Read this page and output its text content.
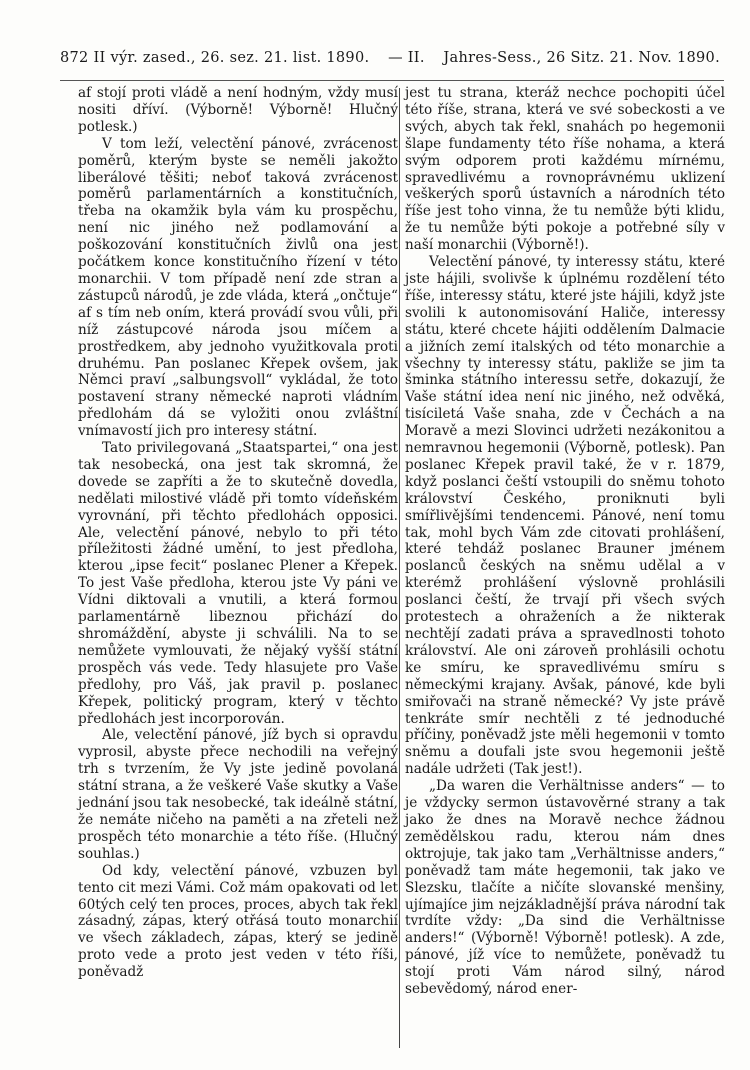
872 II výr. zased., 26. sez. 21. list. 1890. — II. Jahres-Sess., 26 Sitz. 21. Nov. 1890.

af stojí proti vládě a není hodným, vždy musí nositi dříví. (Výborně! Výborně! Hlučný potlesk.)

V tom leží, velectění pánové, zvrácenost poměrů, kterým byste se neměli jakožto liberálové těšiti; neboť taková zvrácenost poměrů parlamentárních a konstitučních, třeba na okamžik byla vám ku prospěchu, není nic jiného než podlamování a poškozování konstitučních živlů ona jest počátkem konce konstitučního řízení v této monarchii. V tom případě není zde stran a zástupců národů, je zde vláda, která „ončtuje“ af s tím neb oním, která provádí svou vůli, při níž zástupcové národa jsou míčem a prostředkem, aby jednoho využitkovala proti druhému. Pan poslanec Křepek ovšem, jak Němci praví „salbungsvoll“ vykládal, že toto postavení strany německé naproti vládním předlohám dá se vyložiti onou zvláštní vnímavostí jich pro interesy státní.

Tato privilegovaná „Staatspartei,“ ona jest tak nesobecká, ona jest tak skromná, že dovede se zapříti a že to skutečně dovedla, nedělati milostivé vládě při tomto vídeňském vyrovnání, při těchto předlohách opposici. Ale, velectění pánové, nebylo to při této příležitosti žádné umění, to jest předloha, kterou „ipse fecit“ poslanec Plener a Křepek. To jest Vaše předloha, kterou jste Vy páni ve Vídni diktovali a vnutili, a která formou parlamentárně libeznou přichází do shromáždění, abyste ji schválili. Na to se nemůžete vymlouvati, že nějaký vyšší státní prospěch vás vede. Tedy hlasujete pro Vaše předlohy, pro Váš, jak pravil p. poslanec Křepek, politický program, který v těchto předlohách jest incorporován.

Ale, velectění pánové, jíž bych si opravdu vyprosil, abyste přece nechodili na veřejný trh s tvrzením, že Vy jste jedině povolaná státní strana, a že veškeré Vaše skutky a Vaše jednání jsou tak nesobecké, tak ideálně státní, že nemáte ničeho na paměti a na zřeteli než prospěch této monarchie a této říše. (Hlučný souhlas.)

Od kdy, velectění pánové, vzbuzen byl tento cit mezi Vámi. Což mám opakovati od let 60tých celý ten proces, proces, abych tak řekl zásadný, zápas, který otřásá touto monarchií ve všech základech, zápas, který se jedině proto vede a proto jest veden v této říši, poněvadž

jest tu strana, kteráž nechce pochopiti účel této říše, strana, která ve své sobeckosti a ve svých, abych tak řekl, snahách po hegemonii šlape fundamenty této říše nohama, a která svým odporem proti každému mírnému, spravedlivému a rovnoprávnému uklizení veškerých sporů ústavních a národních této říše jest toho vinna, že tu nemůže býti klidu, že tu nemůže býti pokoje a potřebné síly v naší monarchii (Výborně!).

Velectění pánové, ty interessy státu, které jste hájili, svolivše k úplnému rozdělení této říše, interessy státu, které jste hájili, když jste svolili k autonomisování Haliče, interessy státu, které chcete hájiti oddělením Dalmacie a jižních zemí italských od této monarchie a všechny ty interessy státu, pakliže se jim ta šminka státního interessu setře, dokazují, že Vaše státní idea není nic jiného, než odvěká, tisíciletá Vaše snaha, zde v Čechách a na Moravě a mezi Slovinci udržeti nezákonitou a nemravnou hegemonii (Výborně, potlesk). Pan poslanec Křepek pravil také, že v r. 1879, když poslanci čeští vstoupili do sněmu tohoto království Českého, proniknuti byli smířlivějšími tendencemi. Pánové, není tomu tak, mohl bych Vám zde citovati prohlášení, které tehdáž poslanec Brauner jménem poslanců českých na sněmu udělal a v kterémž prohlášení výslovně prohlásili poslanci čeští, že trvají při všech svých protestech a ohraženích a že nikterak nechtějí zadati práva a spravedlnosti tohoto království. Ale oni zároveň prohlásili ochotu ke smíru, ke spravedlivému smíru s německými krajany. Avšak, pánové, kde byli smiřovači na straně německé? Vy jste právě tenkráte smír nechtěli z té jednoduché příčiny, poněvadž jste měli hegemonii v tomto sněmu a doufali jste svou hegemonii ještě nadále udržeti (Tak jest!).

„Da waren die Verhältnisse anders“ — to je vždycky sermon ústavověrné strany a tak jako že dnes na Moravě nechce žádnou zemědělskou radu, kterou nám dnes oktrojuje, tak jako tam „Verhältnisse anders,“ poněvadž tam máte hegemonii, tak jako ve Slezsku, tlačíte a ničíte slovanské menšiny, ujímajíce jim nejzákladnější práva národní tak tvrdíte vždy: „Da sind die Verhältnisse anders!“ (Výborně! Výborně! potlesk). A zde, pánové, jíž více to nemůžete, poněvadž tu stojí proti Vám národ silný, národ sebevědomý, národ ener-
